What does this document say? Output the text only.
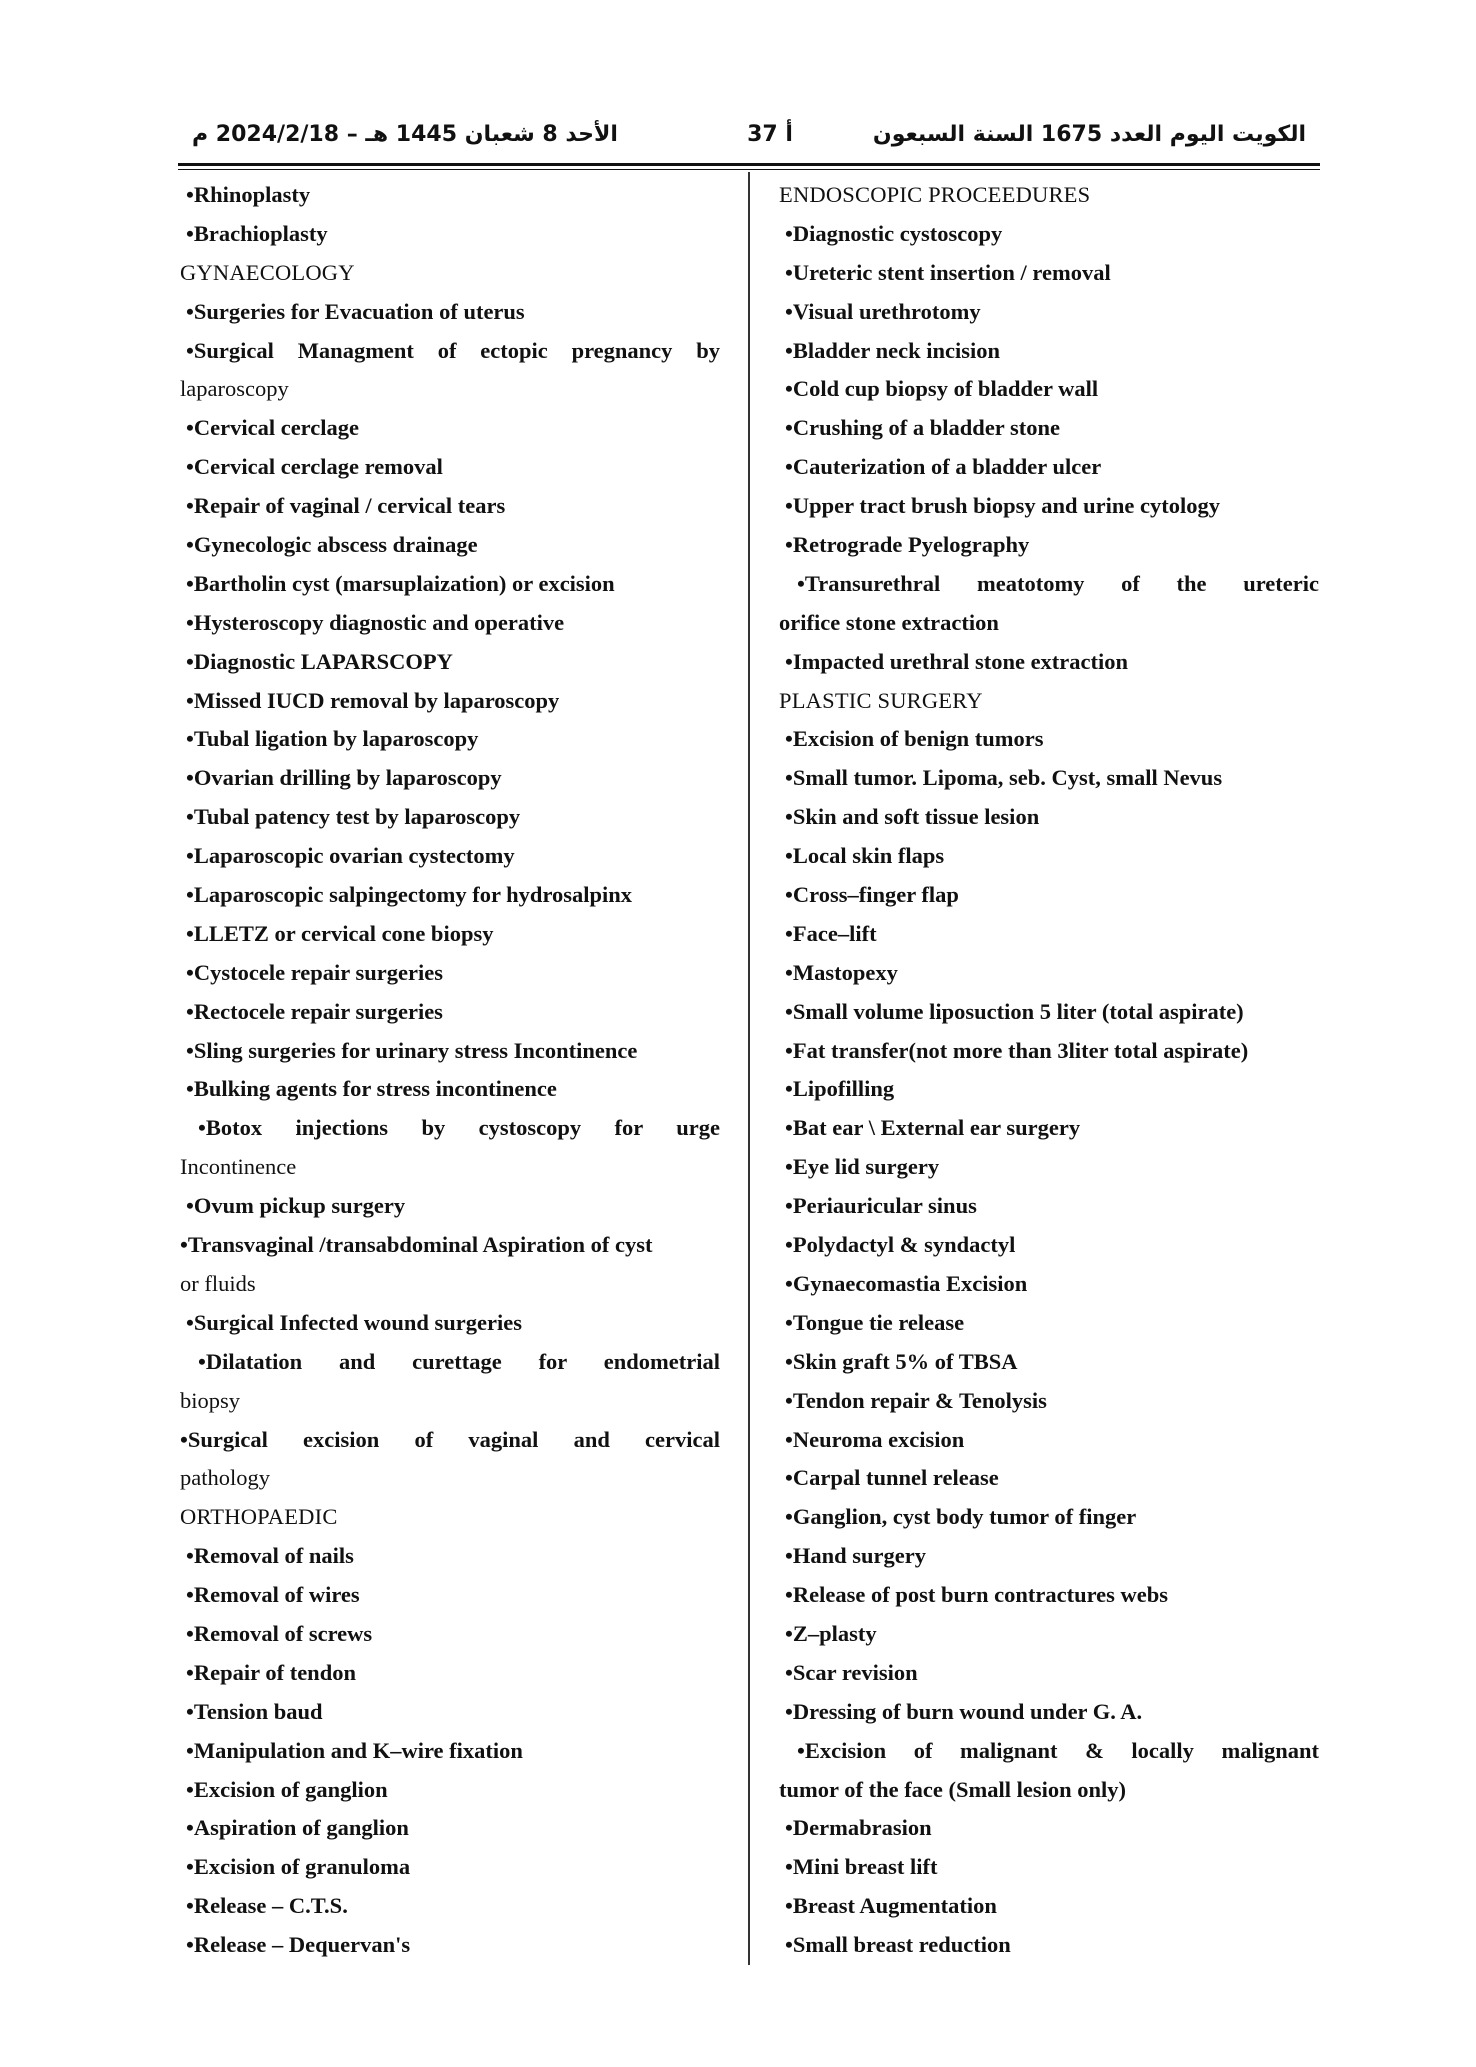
الأحد 8 شعبان 1445 هـ – 2024/2/18 م	37 أ	الكويت اليوم العدد 1675 السنة السبعون
•Rhinoplasty
•Brachioplasty
GYNAECOLOGY
•Surgeries for Evacuation of uterus
•Surgical Managment of ectopic pregnancy by
laparoscopy
•Cervical cerclage
•Cervical cerclage removal
•Repair of vaginal / cervical tears
•Gynecologic abscess drainage
•Bartholin cyst (marsuplaization) or excision
•Hysteroscopy diagnostic and operative
•Diagnostic LAPARSCOPY
•Missed IUCD removal by laparoscopy
•Tubal ligation by laparoscopy
•Ovarian drilling by laparoscopy
•Tubal patency test by laparoscopy
•Laparoscopic ovarian cystectomy
•Laparoscopic salpingectomy for hydrosalpinx
•LLETZ or cervical cone biopsy
•Cystocele repair surgeries
•Rectocele repair surgeries
•Sling surgeries for urinary stress Incontinence
•Bulking agents for stress incontinence
•Botox injections by cystoscopy for urge
Incontinence
•Ovum pickup surgery
•Transvaginal /transabdominal Aspiration of cyst
or fluids
•Surgical Infected wound surgeries
•Dilatation and curettage for endometrial
biopsy
•Surgical excision of vaginal and cervical
pathology
ORTHOPAEDIC
•Removal of nails
•Removal of wires
•Removal of screws
•Repair of tendon
•Tension baud
•Manipulation and K–wire fixation
•Excision of ganglion
•Aspiration of ganglion
•Excision of granuloma
•Release – C.T.S.
•Release – Dequervan's
ENDOSCOPIC PROCEEDURES
•Diagnostic cystoscopy
•Ureteric stent insertion / removal
•Visual urethrotomy
•Bladder neck incision
•Cold cup biopsy of bladder wall
•Crushing of a bladder stone
•Cauterization of a bladder ulcer
•Upper tract brush biopsy and urine cytology
•Retrograde Pyelography
•Transurethral meatotomy of the ureteric
orifice stone extraction
•Impacted urethral stone extraction
PLASTIC SURGERY
•Excision of benign tumors
•Small tumor. Lipoma, seb. Cyst, small Nevus
•Skin and soft tissue lesion
•Local skin flaps
•Cross–finger flap
•Face–lift
•Mastopexy
•Small volume liposuction 5 liter (total aspirate)
•Fat transfer(not more than 3liter total aspirate)
•Lipofilling
•Bat ear \ External ear surgery
•Eye lid surgery
•Periauricular sinus
•Polydactyl & syndactyl
•Gynaecomastia Excision
•Tongue tie release
•Skin graft 5% of TBSA
•Tendon repair & Tenolysis
•Neuroma excision
•Carpal tunnel release
•Ganglion, cyst body tumor of finger
•Hand surgery
•Release of post burn contractures webs
•Z–plasty
•Scar revision
•Dressing of burn wound under G. A.
•Excision of malignant & locally malignant
tumor of the face (Small lesion only)
•Dermabrasion
•Mini breast lift
•Breast Augmentation
•Small breast reduction
